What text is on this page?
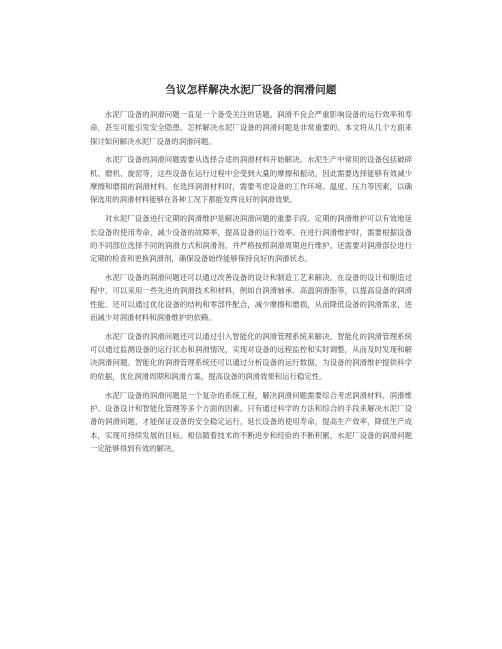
刍议怎样解决水泥厂设备的润滑问题

水泥厂设备的润滑问题一直是一个备受关注的话题。润滑不良会严重影响设备的运行效率和寿命，甚至可能引发安全隐患。怎样解决水泥厂设备的润滑问题是非常重要的。本文将从几个方面来探讨如何解决水泥厂设备的润滑问题。

水泥厂设备的润滑问题需要从选择合适的润滑材料开始解决。水泥生产中常用的设备包括破碎机、磨机、旋窑等，这些设备在运行过程中会受到大量的摩擦和振动，因此需要选择能够有效减少摩擦和磨损的润滑材料。在选择润滑材料时，需要考虑设备的工作环境、温度、压力等因素，以确保选用的润滑材料能够在各种工况下都能发挥良好的润滑效果。

对水泥厂设备进行定期的润滑维护是解决润滑问题的重要手段。定期的润滑维护可以有效地延长设备的使用寿命，减少设备的故障率，提高设备的运行效率。在进行润滑维护时，需要根据设备的不同部位选择不同的润滑方式和润滑剂，并严格按照润滑周期进行维护。还需要对润滑部位进行定期的检查和更换润滑剂，确保设备始终能够保持良好的润滑状态。

水泥厂设备的润滑问题还可以通过改善设备的设计和制造工艺来解决。在设备的设计和制造过程中，可以采用一些先进的润滑技术和材料，例如自润滑轴承、高温润滑脂等，以提高设备的润滑性能。还可以通过优化设备的结构和零部件配合，减少摩擦和磨损，从而降低设备的润滑需求，进而减少对润滑材料和润滑维护的依赖。

水泥厂设备的润滑问题还可以通过引入智能化的润滑管理系统来解决。智能化的润滑管理系统可以通过监测设备的运行状态和润滑情况，实现对设备的远程监控和实时调整，从而及时发现和解决润滑问题。智能化的润滑管理系统还可以通过分析设备的运行数据，为设备的润滑维护提供科学的依据，优化润滑周期和润滑方案，提高设备的润滑效果和运行稳定性。

水泥厂设备的润滑问题是一个复杂的系统工程，解决润滑问题需要综合考虑润滑材料、润滑维护、设备设计和智能化管理等多个方面的因素。只有通过科学的方法和综合的手段来解决水泥厂设备的润滑问题，才能保证设备的安全稳定运行，延长设备的使用寿命，提高生产效率，降低生产成本，实现可持续发展的目标。相信随着技术的不断进步和经验的不断积累，水泥厂设备的润滑问题一定能够得到有效的解决。
